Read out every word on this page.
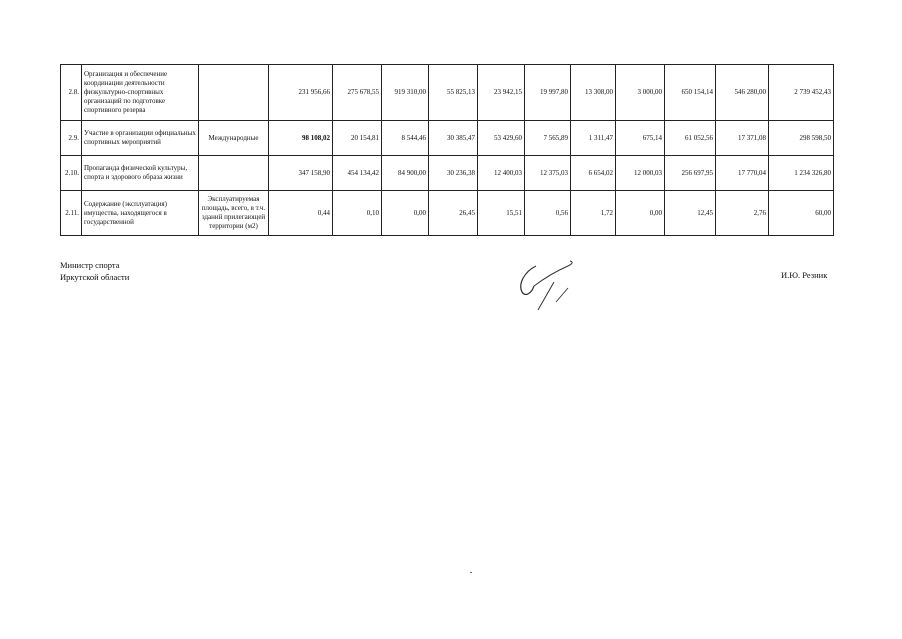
2.8.	Организация и обеспечение координации деятельности физкультурно-спортивных организаций по подготовке спортивного резерва		231 956,66	275 678,55	919 310,00	55 825,13	23 942,15	19 997,80	13 308,00	3 000,00	650 154,14	546 280,00	2 739 452,43
2.9.	Участие в организации официальных спортивных мероприятий	Международные	98 108,02	20 154,81	8 544,46	30 385,47	53 429,60	7 565,89	1 311,47	675,14	61 052,56	17 371,08	298 598,50
2.10.	Пропаганда физической культуры, спорта и здорового образа жизни		347 158,90	454 134,42	84 900,00	30 236,38	12 400,03	12 375,03	6 654,02	12 000,03	256 697,95	17 770,04	1 234 326,80
2.11.	Содержание (эксплуатация) имущества, находящегося в государственной	Эксплуатируемая площадь, всего, в т.ч. зданий прилегающей территории (м2)	0,44	0,10	0,00	26,45	15,51	0,56	1,72	0,00	12,45	2,76	60,00
Министр спорта
Иркутской области	И.Ю. Резник
